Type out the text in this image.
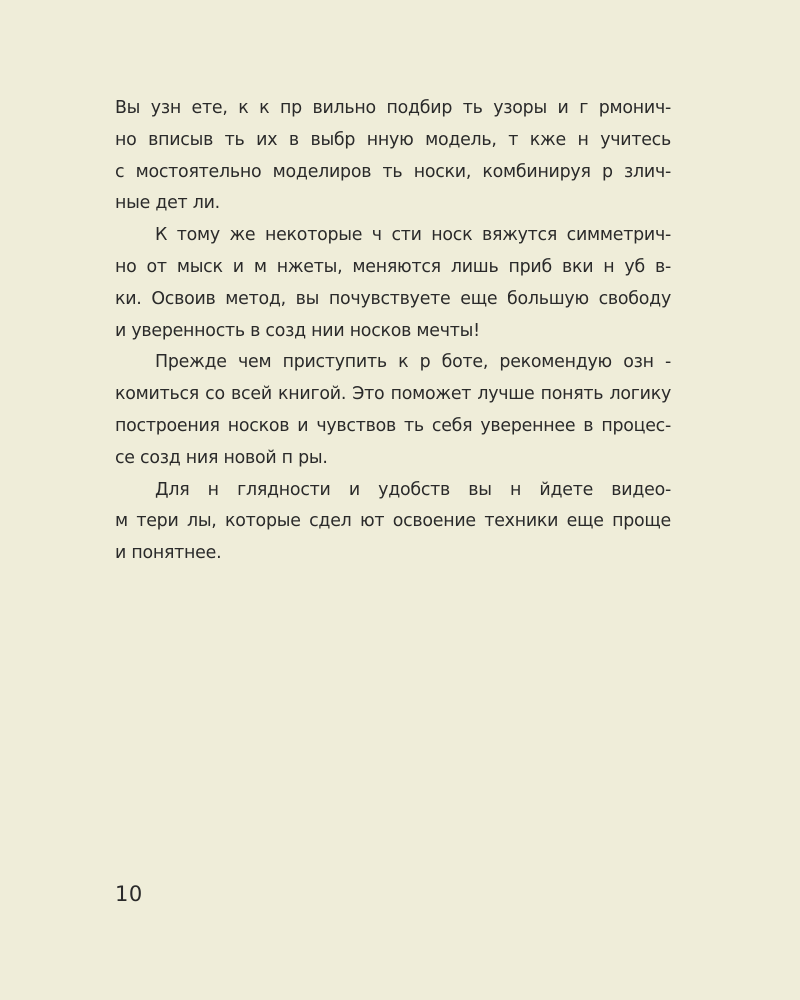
Вы узн ете, к к пр вильно подбир ть узоры и г рмонич-
но вписыв ть их в выбр нную модель, т кже н учитесь
с мостоятельно моделиров ть носки, комбинируя р злич-
ные дет ли.
К тому же некоторые ч сти носк вяжутся симметрич-
но от мыск и м нжеты, меняются лишь приб вки н уб в-
ки. Освоив метод, вы почувствуете еще большую свободу
и уверенность в созд нии носков мечты!
Прежде чем приступить к р боте, рекомендую озн -
комиться со всей книгой. Это поможет лучше понять логику
построения носков и чувствов ть себя увереннее в процес-
се созд ния новой п ры.
Для н глядности и удобств вы н йдете видео-
м тери лы, которые сдел ют освоение техники еще проще
и понятнее.
10
